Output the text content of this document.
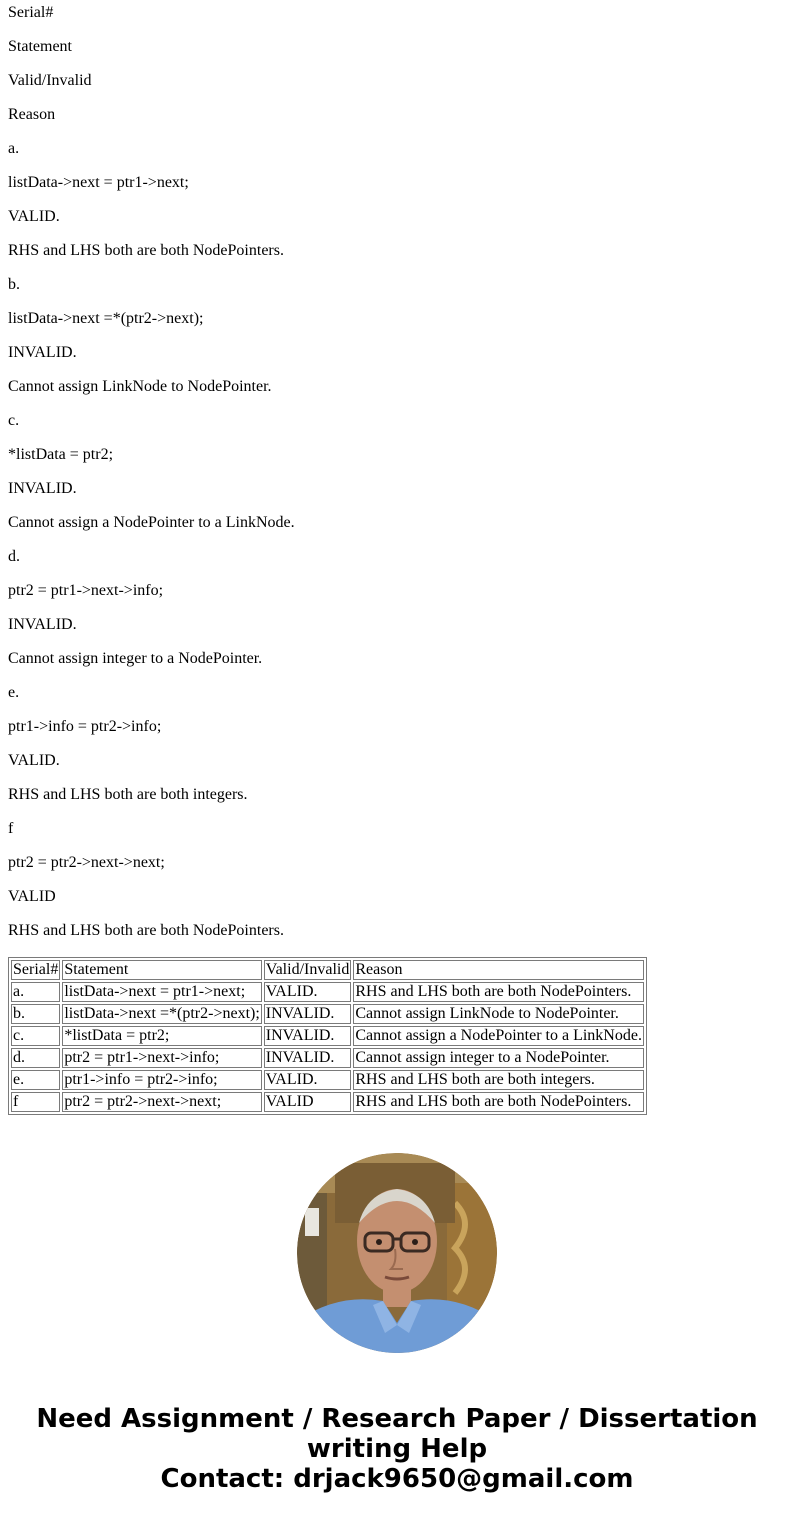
Serial#

Statement

Valid/Invalid

Reason

a.

listData->next = ptr1->next;

VALID.

RHS and LHS both are both NodePointers.

b.

listData->next =*(ptr2->next);

INVALID.

Cannot assign LinkNode to NodePointer.

c.

*listData = ptr2;

INVALID.

Cannot assign a NodePointer to a LinkNode.

d.

ptr2 = ptr1->next->info;

INVALID.

Cannot assign integer to a NodePointer.

e.

ptr1->info = ptr2->info;

VALID.

RHS and LHS both are both integers.

f

ptr2 = ptr2->next->next;

VALID

RHS and LHS both are both NodePointers.

Serial#	Statement	Valid/Invalid	Reason
a.	listData->next = ptr1->next;	VALID.	RHS and LHS both are both NodePointers.
b.	listData->next =*(ptr2->next);	INVALID.	Cannot assign LinkNode to NodePointer.
c.	*listData = ptr2;	INVALID.	Cannot assign a NodePointer to a LinkNode.
d.	ptr2 = ptr1->next->info;	INVALID.	Cannot assign integer to a NodePointer.
e.	ptr1->info = ptr2->info;	VALID.	RHS and LHS both are both integers.
f	ptr2 = ptr2->next->next;	VALID	RHS and LHS both are both NodePointers.
Need Assignment / Research Paper / Dissertation
writing Help
Contact: drjack9650@gmail.com
